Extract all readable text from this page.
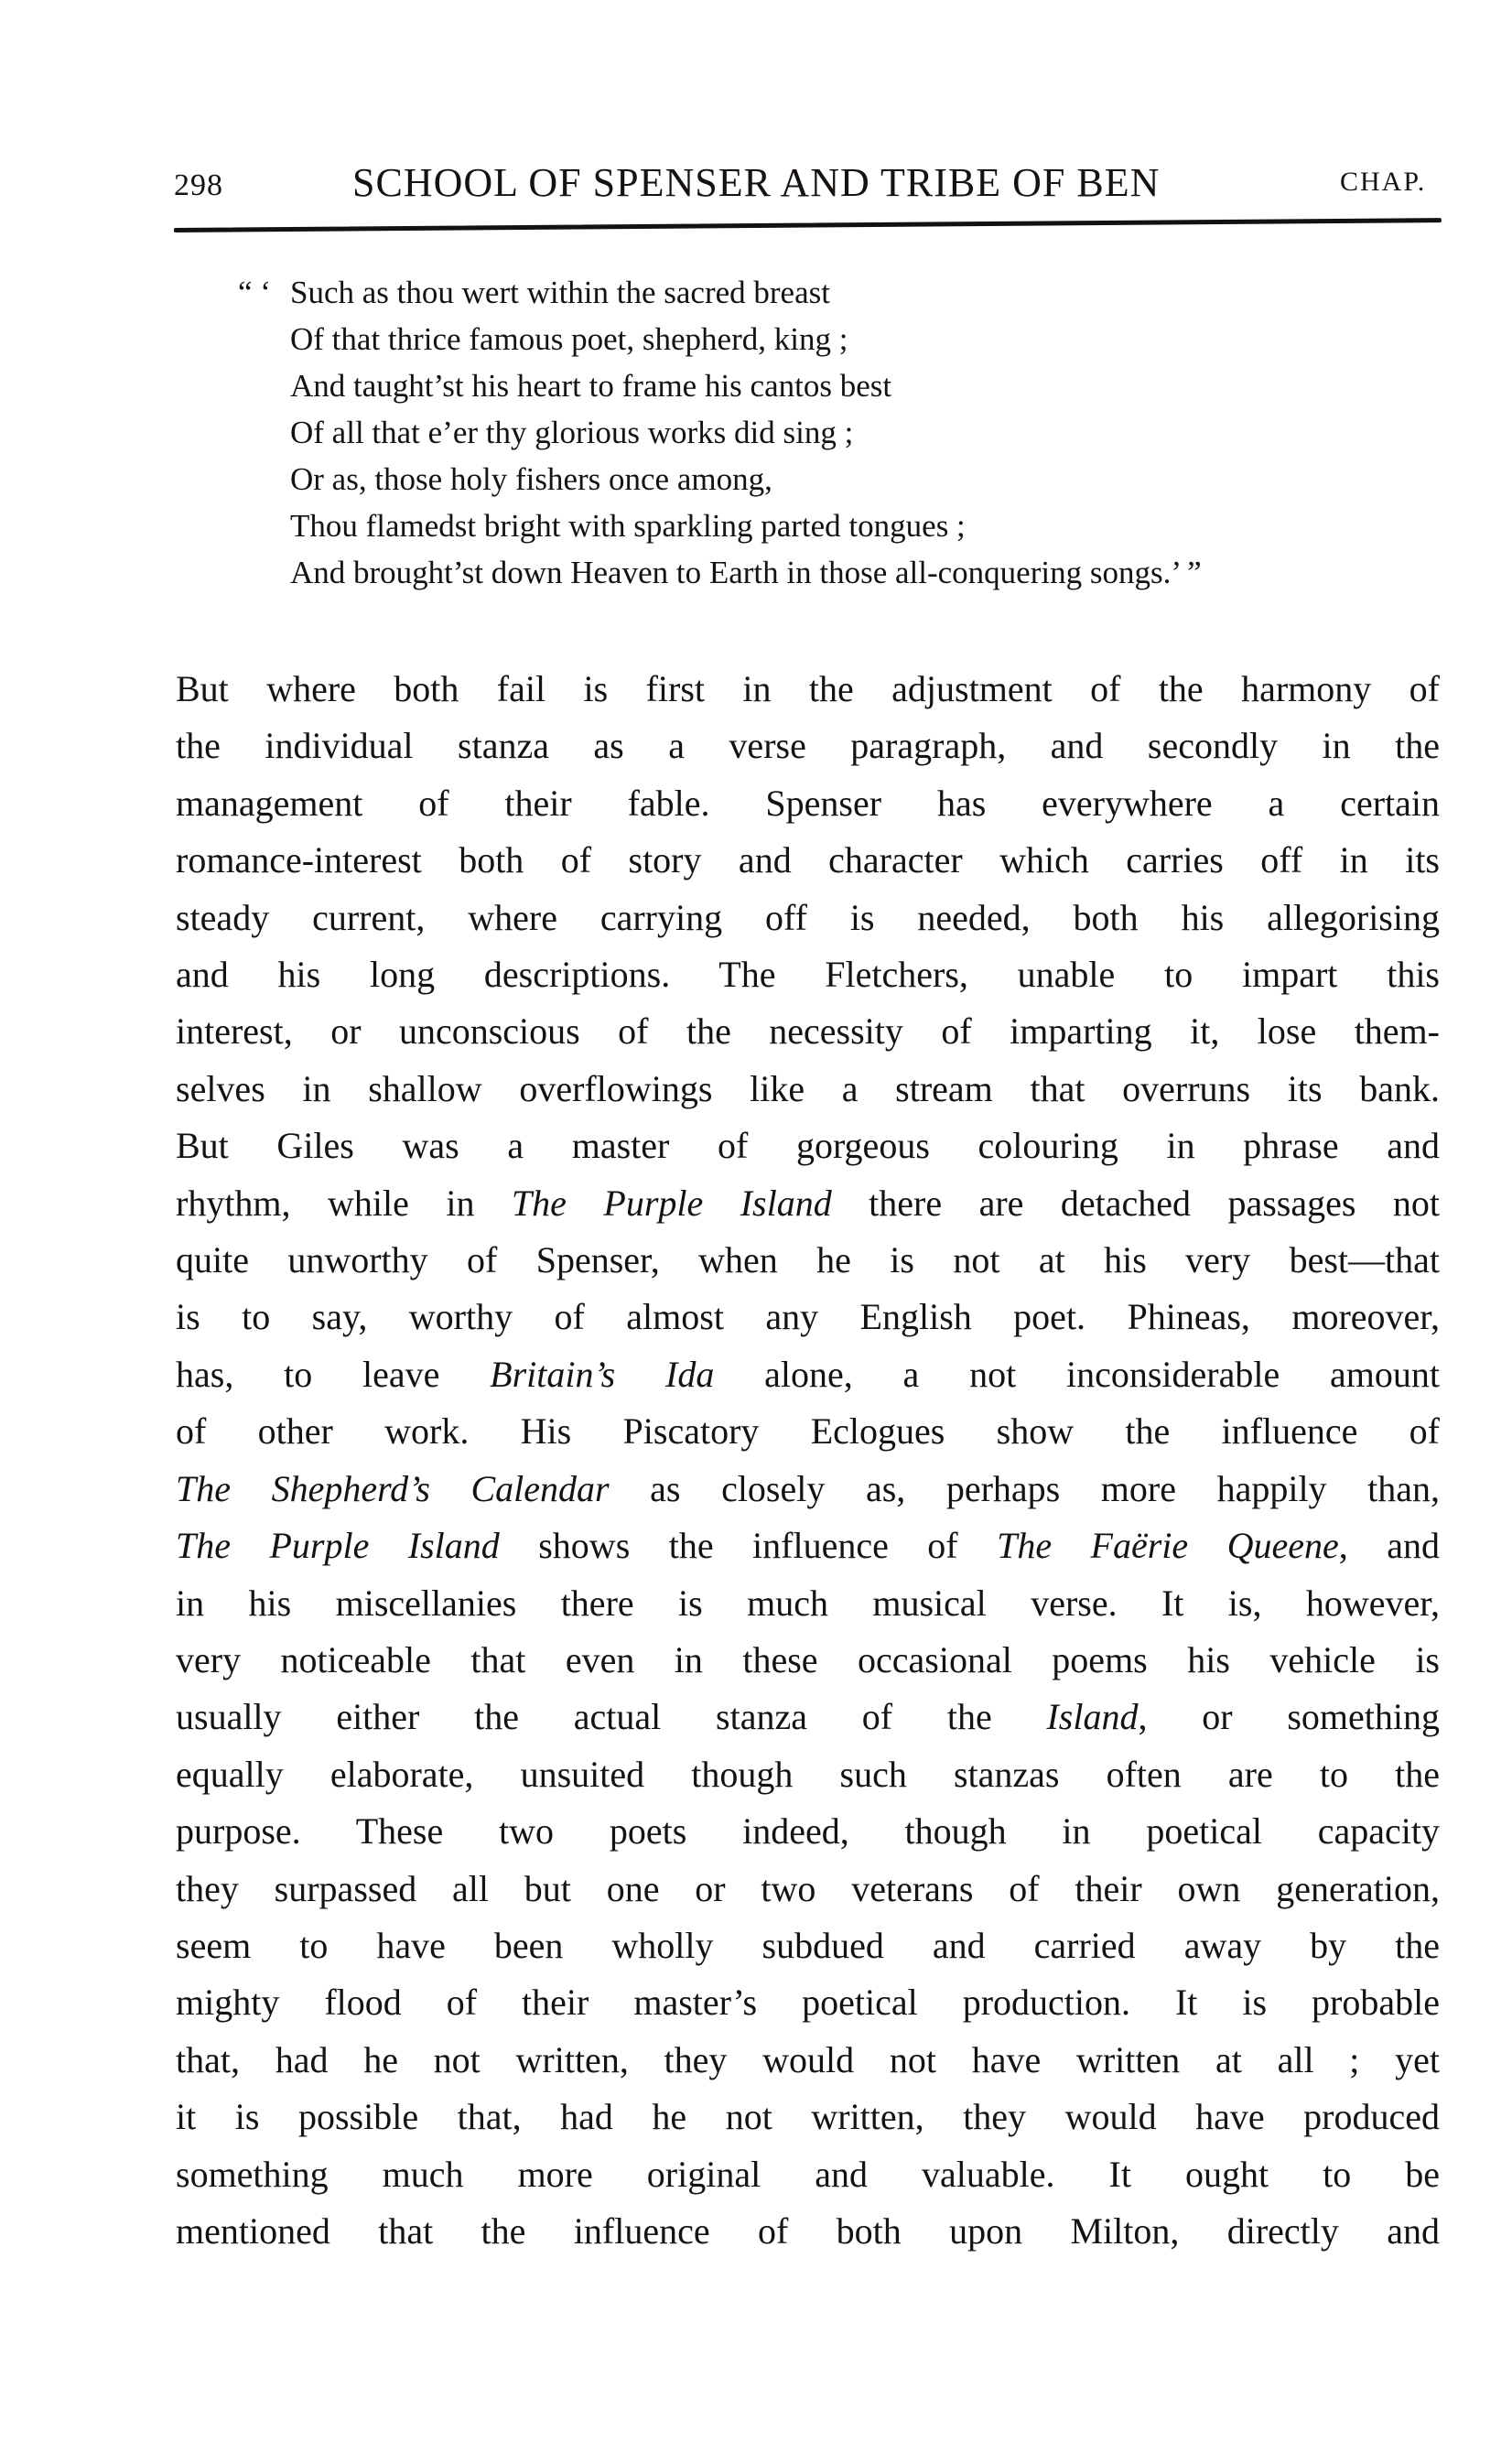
298	SCHOOL OF SPENSER AND TRIBE OF BEN	CHAP.
“ ‘ Such as thou wert within the sacred breast
Of that thrice famous poet, shepherd, king ;
And taught’st his heart to frame his cantos best
Of all that e’er thy glorious works did sing ;
Or as, those holy fishers once among,
Thou flamedst bright with sparkling parted tongues ;
And brought’st down Heaven to Earth in those all-conquering songs.’ ”
But where both fail is first in the adjustment of the harmony of
the individual stanza as a verse paragraph, and secondly in the
management of their fable. Spenser has everywhere a certain
romance-interest both of story and character which carries off in its
steady current, where carrying off is needed, both his allegorising
and his long descriptions. The Fletchers, unable to impart this
interest, or unconscious of the necessity of imparting it, lose them-
selves in shallow overflowings like a stream that overruns its bank.
But Giles was a master of gorgeous colouring in phrase and
rhythm, while in The Purple Island there are detached passages not
quite unworthy of Spenser, when he is not at his very best—that
is to say, worthy of almost any English poet. Phineas, moreover,
has, to leave Britain’s Ida alone, a not inconsiderable amount
of other work. His Piscatory Eclogues show the influence of
The Shepherd’s Calendar as closely as, perhaps more happily than,
The Purple Island shows the influence of The Faërie Queene, and
in his miscellanies there is much musical verse. It is, however,
very noticeable that even in these occasional poems his vehicle is
usually either the actual stanza of the Island, or something
equally elaborate, unsuited though such stanzas often are to the
purpose. These two poets indeed, though in poetical capacity
they surpassed all but one or two veterans of their own generation,
seem to have been wholly subdued and carried away by the
mighty flood of their master’s poetical production. It is probable
that, had he not written, they would not have written at all ; yet
it is possible that, had he not written, they would have produced
something much more original and valuable. It ought to be
mentioned that the influence of both upon Milton, directly and
